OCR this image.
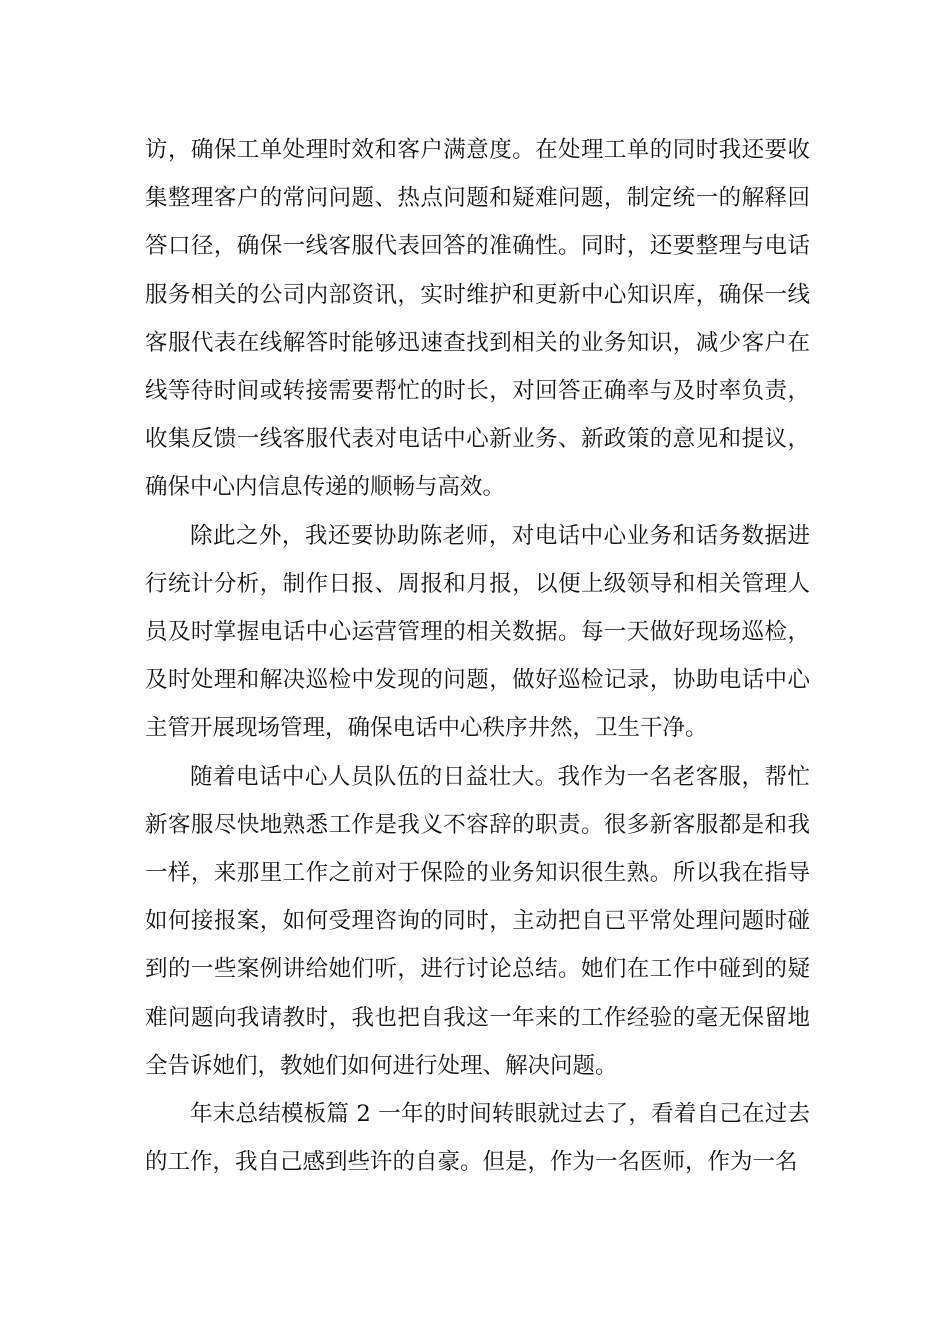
访，确保工单处理时效和客户满意度。在处理工单的同时我还要收集整理客户的常问问题、热点问题和疑难问题，制定统一的解释回答口径，确保一线客服代表回答的准确性。同时，还要整理与电话服务相关的公司内部资讯，实时维护和更新中心知识库，确保一线客服代表在线解答时能够迅速查找到相关的业务知识，减少客户在线等待时间或转接需要帮忙的时长，对回答正确率与及时率负责，收集反馈一线客服代表对电话中心新业务、新政策的意见和提议，确保中心内信息传递的顺畅与高效。

除此之外，我还要协助陈老师，对电话中心业务和话务数据进行统计分析，制作日报、周报和月报，以便上级领导和相关管理人员及时掌握电话中心运营管理的相关数据。每一天做好现场巡检，及时处理和解决巡检中发现的问题，做好巡检记录，协助电话中心主管开展现场管理，确保电话中心秩序井然，卫生干净。

随着电话中心人员队伍的日益壮大。我作为一名老客服，帮忙新客服尽快地熟悉工作是我义不容辞的职责。很多新客服都是和我一样，来那里工作之前对于保险的业务知识很生熟。所以我在指导如何接报案，如何受理咨询的同时，主动把自已平常处理问题时碰到的一些案例讲给她们听，进行讨论总结。她们在工作中碰到的疑难问题向我请教时，我也把自我这一年来的工作经验的毫无保留地全告诉她们，教她们如何进行处理、解决问题。

年末总结模板篇 2 一年的时间转眼就过去了，看着自己在过去的工作，我自己感到些许的自豪。但是，作为一名医师，作为一名
